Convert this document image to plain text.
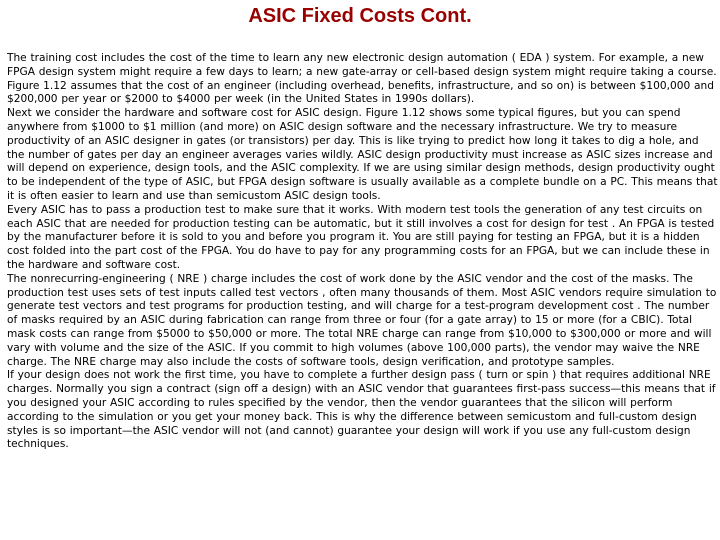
ASIC Fixed Costs Cont.

The training cost includes the cost of the time to learn any new electronic design automation ( EDA ) system. For example, a new FPGA design system might require a few days to learn; a new gate-array or cell-based design system might require taking a course. Figure 1.12 assumes that the cost of an engineer (including overhead, benefits, infrastructure, and so on) is between $100,000 and $200,000 per year or $2000 to $4000 per week (in the United States in 1990s dollars).

Next we consider the hardware and software cost for ASIC design. Figure 1.12 shows some typical figures, but you can spend anywhere from $1000 to $1 million (and more) on ASIC design software and the necessary infrastructure. We try to measure productivity of an ASIC designer in gates (or transistors) per day. This is like trying to predict how long it takes to dig a hole, and the number of gates per day an engineer averages varies wildly. ASIC design productivity must increase as ASIC sizes increase and will depend on experience, design tools, and the ASIC complexity. If we are using similar design methods, design productivity ought to be independent of the type of ASIC, but FPGA design software is usually available as a complete bundle on a PC. This means that it is often easier to learn and use than semicustom ASIC design tools.

Every ASIC has to pass a production test to make sure that it works. With modern test tools the generation of any test circuits on each ASIC that are needed for production testing can be automatic, but it still involves a cost for design for test . An FPGA is tested by the manufacturer before it is sold to you and before you program it. You are still paying for testing an FPGA, but it is a hidden cost folded into the part cost of the FPGA. You do have to pay for any programming costs for an FPGA, but we can include these in the hardware and software cost.

The nonrecurring-engineering ( NRE ) charge includes the cost of work done by the ASIC vendor and the cost of the masks. The production test uses sets of test inputs called test vectors , often many thousands of them. Most ASIC vendors require simulation to generate test vectors and test programs for production testing, and will charge for a test-program development cost . The number of masks required by an ASIC during fabrication can range from three or four (for a gate array) to 15 or more (for a CBIC). Total mask costs can range from $5000 to $50,000 or more. The total NRE charge can range from $10,000 to $300,000 or more and will vary with volume and the size of the ASIC. If you commit to high volumes (above 100,000 parts), the vendor may waive the NRE charge. The NRE charge may also include the costs of software tools, design verification, and prototype samples.

If your design does not work the first time, you have to complete a further design pass ( turn or spin ) that requires additional NRE charges. Normally you sign a contract (sign off a design) with an ASIC vendor that guarantees first-pass success—this means that if you designed your ASIC according to rules specified by the vendor, then the vendor guarantees that the silicon will perform according to the simulation or you get your money back. This is why the difference between semicustom and full-custom design styles is so important—the ASIC vendor will not (and cannot) guarantee your design will work if you use any full-custom design techniques.
